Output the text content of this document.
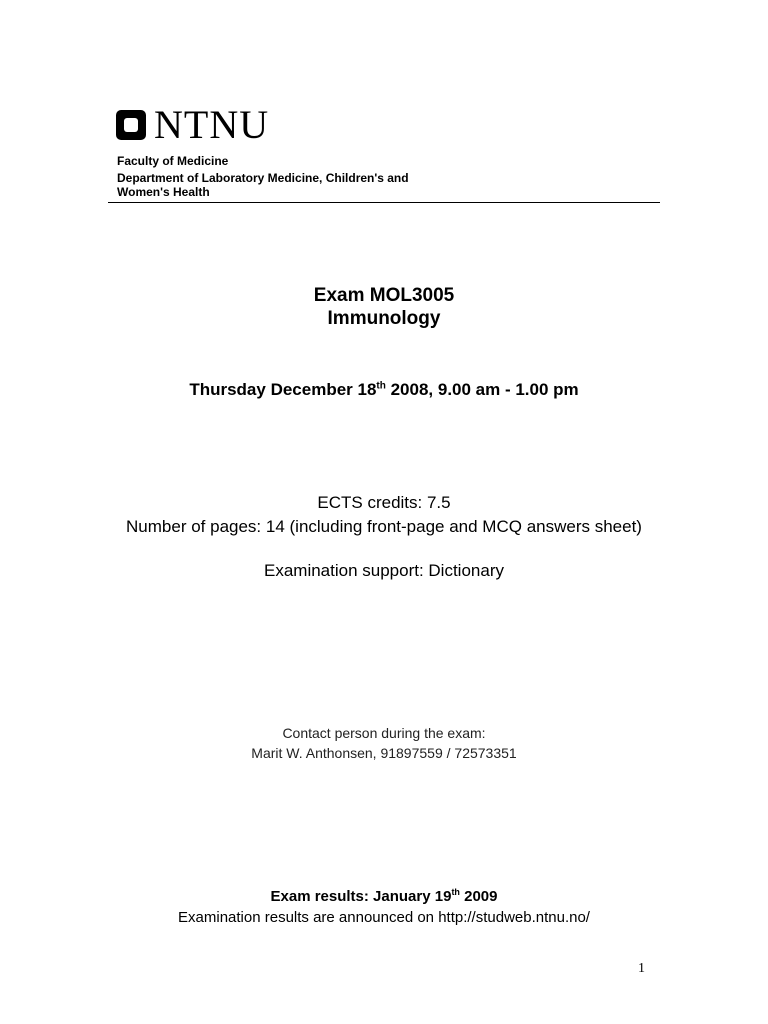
NTNU
Faculty of Medicine
Department of Laboratory Medicine, Children's and Women's Health
Exam MOL3005
Immunology
Thursday December 18th 2008, 9.00 am - 1.00 pm
ECTS credits: 7.5
Number of pages: 14 (including front-page and MCQ answers sheet)
Examination support: Dictionary
Contact person during the exam:
Marit W. Anthonsen, 91897559 / 72573351
Exam results: January 19th 2009
Examination results are announced on http://studweb.ntnu.no/
1
